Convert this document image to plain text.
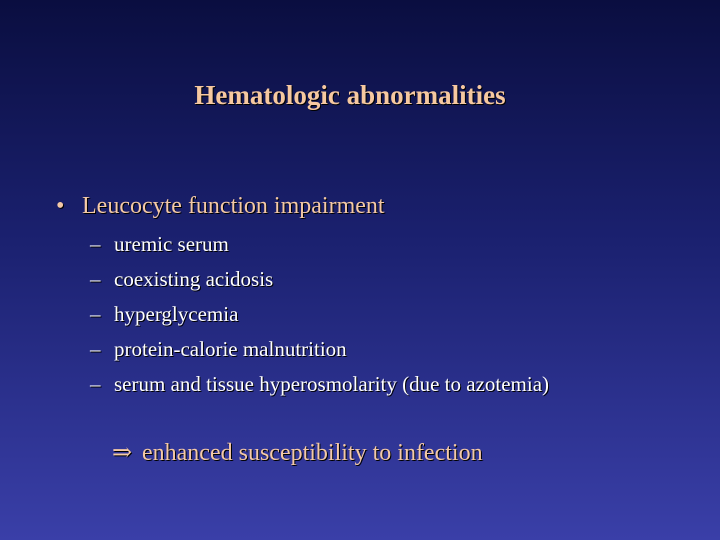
Hematologic abnormalities
• Leucocyte function impairment
– uremic serum
– coexisting acidosis
– hyperglycemia
– protein-calorie malnutrition
– serum and tissue hyperosmolarity (due to azotemia)
⇒ enhanced susceptibility to infection
